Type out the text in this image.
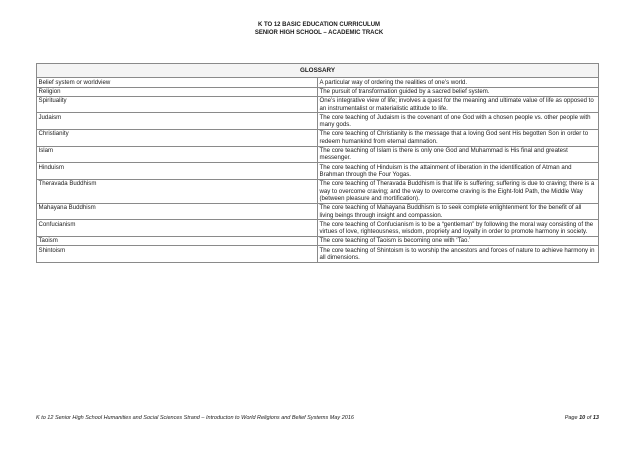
K TO 12 BASIC EDUCATION CURRICULUM
SENIOR HIGH SCHOOL – ACADEMIC TRACK
GLOSSARY	
Belief system or worldview	A particular way of ordering the realities of one’s world.
Religion	The pursuit of transformation guided by a sacred belief system.
Spirituality	One’s integrative view of life; involves a quest for the meaning and ultimate value of life as opposed to an instrumentalist or materialistic attitude to life.
Judaism	The core teaching of Judaism is the covenant of one God with a chosen people vs. other people with many gods.
Christianity	The core teaching of Christianity is the message that a loving God sent His begotten Son in order to redeem humankind from eternal damnation.
Islam	The core teaching of Islam is there is only one God and Muhammad is His final and greatest messenger.
Hinduism	The core teaching of Hinduism is the attainment of liberation in the identification of Atman and Brahman through the Four Yogas.
Theravada Buddhism	The core teaching of Theravada Buddhism is that life is suffering; suffering is due to craving; there is a way to overcome craving; and the way to overcome craving is the Eight-fold Path, the Middle Way (between pleasure and mortification).
Mahayana Buddhism	The core teaching of Mahayana Buddhism is to seek complete enlightenment for the benefit of all living beings through insight and compassion.
Confucianism	The core teaching of Confucianism is to be a “gentleman” by following the moral way consisting of the virtues of love, righteousness, wisdom, propriety and loyalty in order to promote harmony in society.
Taoism	The core teaching of Taoism is becoming one with ‘Tao.’
Shintoism	The core teaching of Shintoism is to worship the ancestors and forces of nature to achieve harmony in all dimensions.
K to 12 Senior High School Humanities and Social Sciences Strand – Introducton to World Religions and Belief Systems May 2016	Page 10 of 13
